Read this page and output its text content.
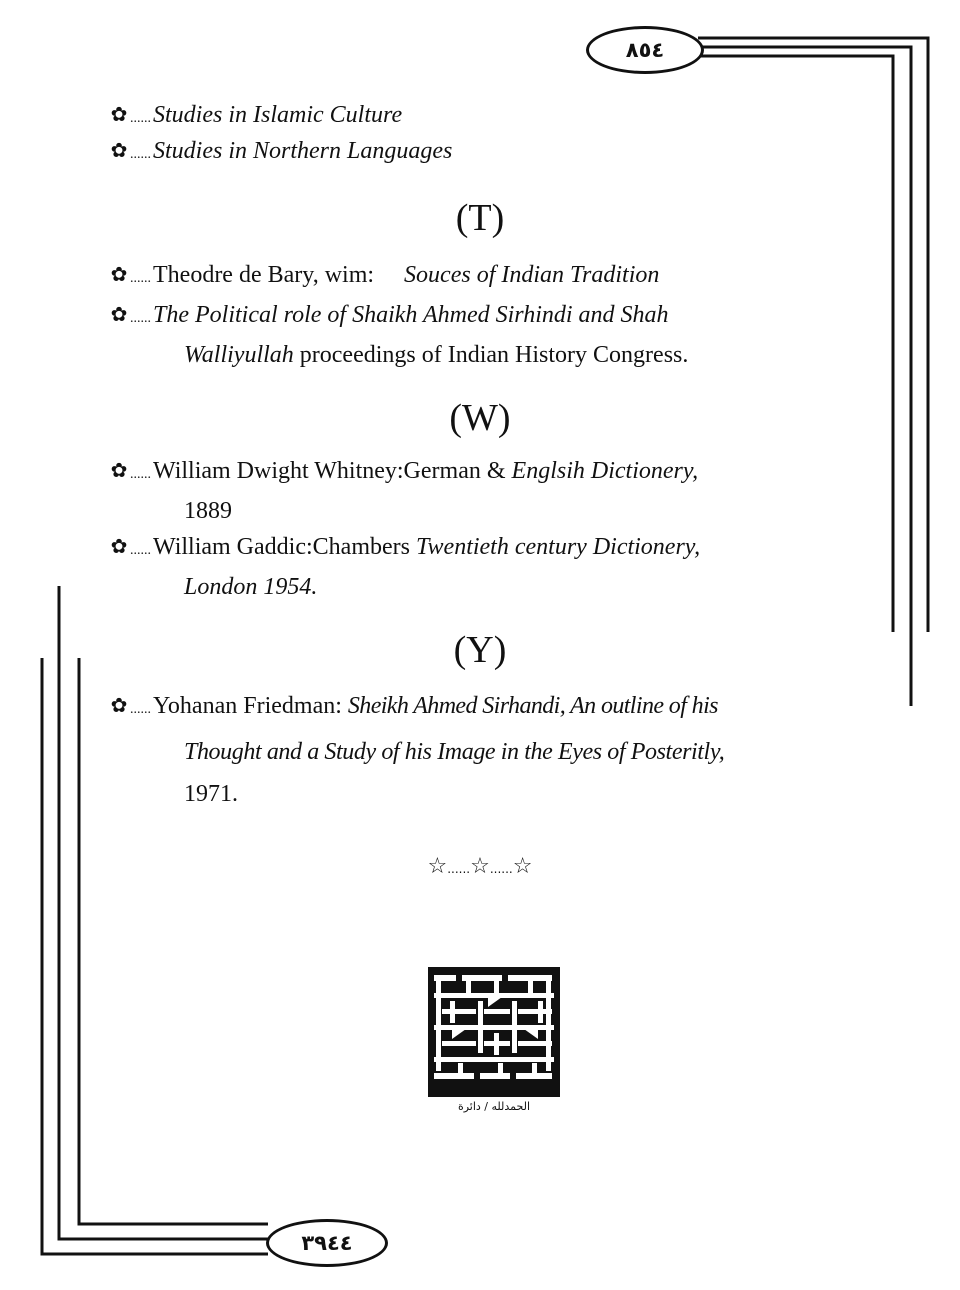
٨٥٤
٣٩٤٤
✿ ......Studies in Islamic Culture
✿ ......Studies in Northern Languages
(T)
✿ ......Theodre de Bary, wim: Souces of Indian Tradition
✿ ......The Political role of Shaikh Ahmed Sirhindi and Shah
Walliyullah proceedings of Indian History Congress.
(W)
✿ ......William Dwight Whitney:German & Englsih Dictionery,
1889
✿ ......William Gaddic:Chambers Twentieth century Dictionery,
London 1954.
(Y)
✿ ......Yohanan Friedman: Sheikh Ahmed Sirhandi, An outline of his
Thought and a Study of his Image in the Eyes of Posteritly,
1971.
☆......☆......☆
الحمدلله / دائرة
